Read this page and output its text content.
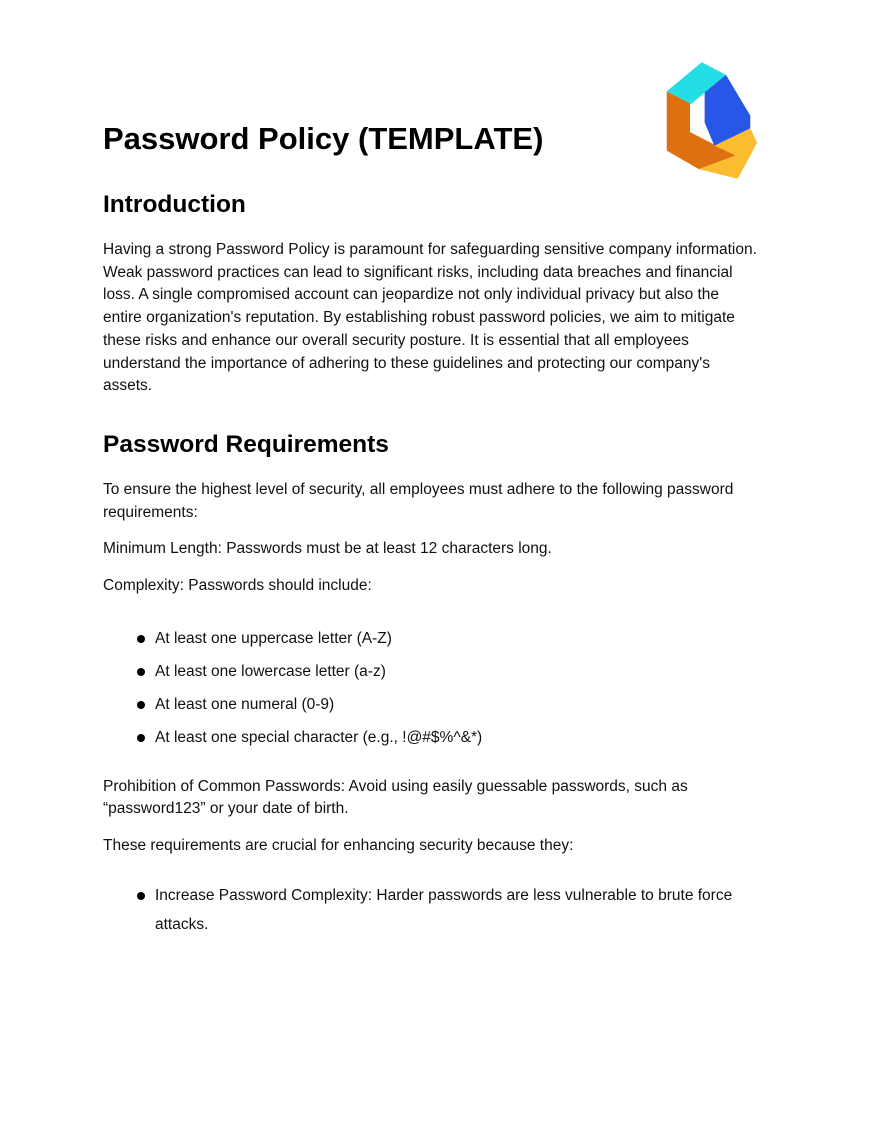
Password Policy (TEMPLATE)
Introduction

Having a strong Password Policy is paramount for safeguarding sensitive company information. Weak password practices can lead to significant risks, including data breaches and financial loss. A single compromised account can jeopardize not only individual privacy but also the entire organization's reputation. By establishing robust password policies, we aim to mitigate these risks and enhance our overall security posture. It is essential that all employees understand the importance of adhering to these guidelines and protecting our company's assets.

Password Requirements

To ensure the highest level of security, all employees must adhere to the following password requirements:

Minimum Length: Passwords must be at least 12 characters long.

Complexity: Passwords should include:

At least one uppercase letter (A-Z)
At least one lowercase letter (a-z)
At least one numeral (0-9)
At least one special character (e.g., !@#$%^&*)

Prohibition of Common Passwords: Avoid using easily guessable passwords, such as “password123” or your date of birth.

These requirements are crucial for enhancing security because they:

Increase Password Complexity: Harder passwords are less vulnerable to brute force attacks.
